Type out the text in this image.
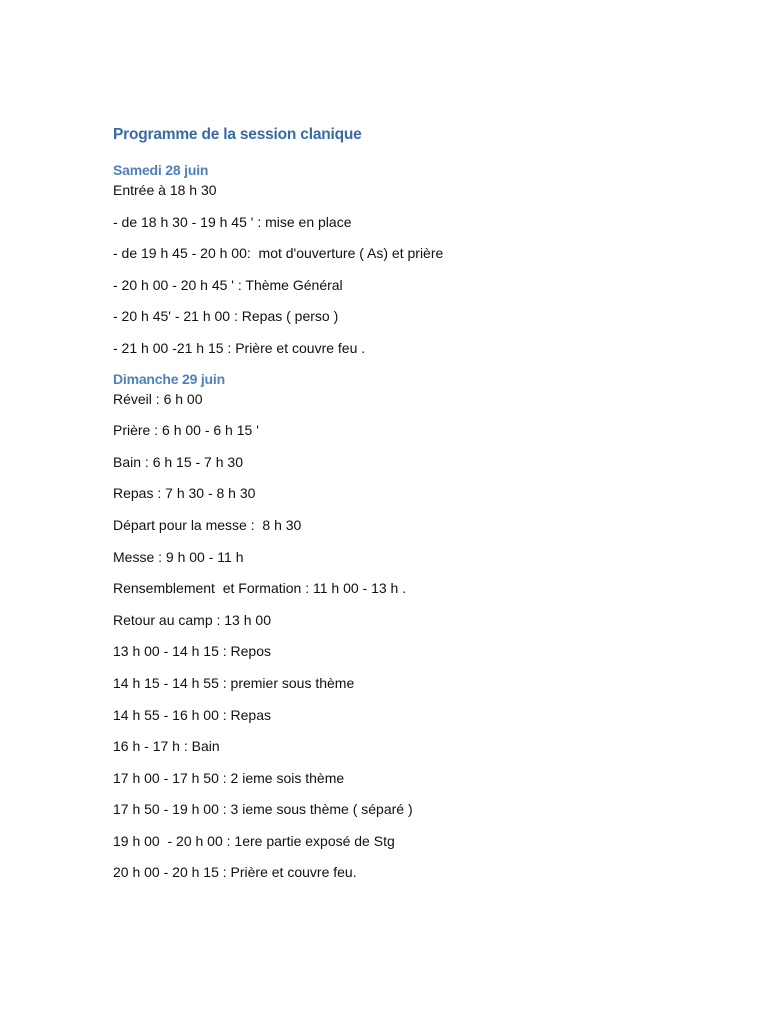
Programme de la session clanique
Samedi 28 juin

Entrée à 18 h 30

- de 18 h 30 - 19 h 45 ' : mise en place

- de 19 h 45 - 20 h 00:  mot d'ouverture ( As) et prière

- 20 h 00 - 20 h 45 ' : Thème Général

- 20 h 45' - 21 h 00 : Repas ( perso )

- 21 h 00 -21 h 15 : Prière et couvre feu .

Dimanche 29 juin

Réveil : 6 h 00

Prière : 6 h 00 - 6 h 15 '

Bain : 6 h 15 - 7 h 30

Repas : 7 h 30 - 8 h 30

Départ pour la messe :  8 h 30

Messe : 9 h 00 - 11 h

Rensemblement  et Formation : 11 h 00 - 13 h .

Retour au camp : 13 h 00

13 h 00 - 14 h 15 : Repos

14 h 15 - 14 h 55 : premier sous thème

14 h 55 - 16 h 00 : Repas

16 h - 17 h : Bain

17 h 00 - 17 h 50 : 2 ieme sois thème

17 h 50 - 19 h 00 : 3 ieme sous thème ( séparé )

19 h 00  - 20 h 00 : 1ere partie exposé de Stg

20 h 00 - 20 h 15 : Prière et couvre feu.
